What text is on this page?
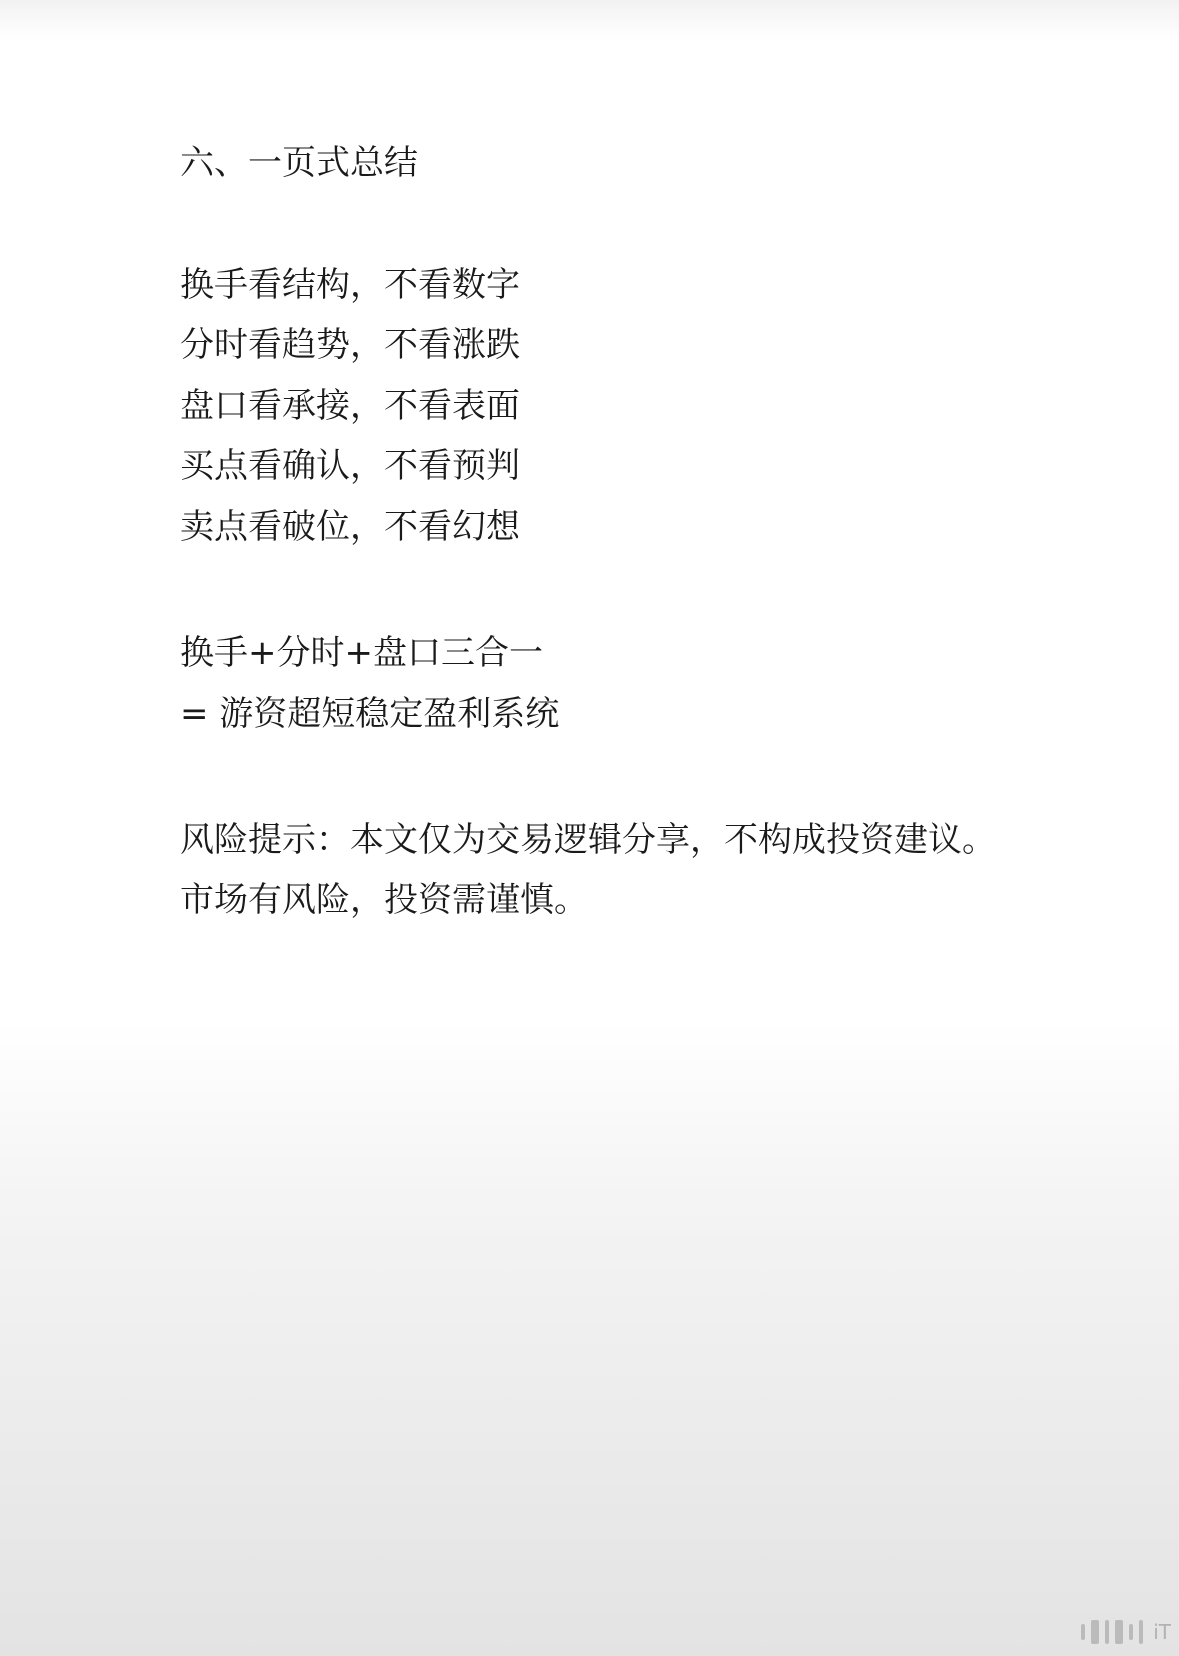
六、一页式总结
换手看结构，不看数字
分时看趋势，不看涨跌
盘口看承接，不看表面
买点看确认，不看预判
卖点看破位，不看幻想
换手+分时+盘口三合一
= 游资超短稳定盈利系统
风险提示：本文仅为交易逻辑分享，不构成投资建议。
市场有风险，投资需谨慎。
iT
